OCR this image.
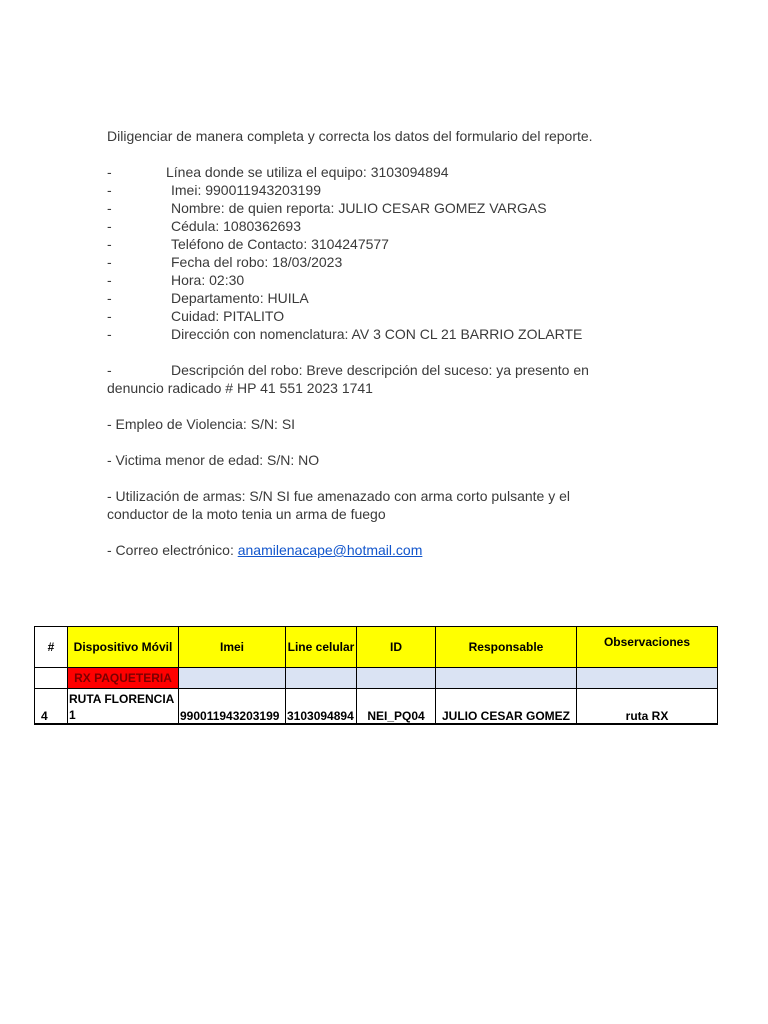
Diligenciar de manera completa y correcta los datos del formulario del reporte.

-	Línea donde se utiliza el equipo: 3103094894
-	Imei: 990011943203199
-	Nombre: de quien reporta: JULIO CESAR GOMEZ VARGAS
-	Cédula: 1080362693
-	Teléfono de Contacto: 3104247577
-	Fecha del robo: 18/03/2023
-	Hora: 02:30
-	Departamento: HUILA
-	Cuidad: PITALITO
-	Dirección con nomenclatura: AV 3 CON CL 21 BARRIO ZOLARTE
-	Descripción del robo: Breve descripción del suceso: ya presento en
denuncio radicado # HP 41 551 2023 1741

- Empleo de Violencia: S/N: SI

- Victima menor de edad: S/N: NO

- Utilización de armas: S/N SI fue amenazado con arma corto pulsante y el

conductor de la moto tenia un arma de fuego

- Correo electrónico: anamilenacape@hotmail.com

#	Dispositivo Móvil	Imei	Line celular	ID	Responsable	Observaciones
	RX PAQUETERIA					
4	RUTA FLORENCIA 1	990011943203199	3103094894	NEI_PQ04	JULIO CESAR GOMEZ	ruta RX
